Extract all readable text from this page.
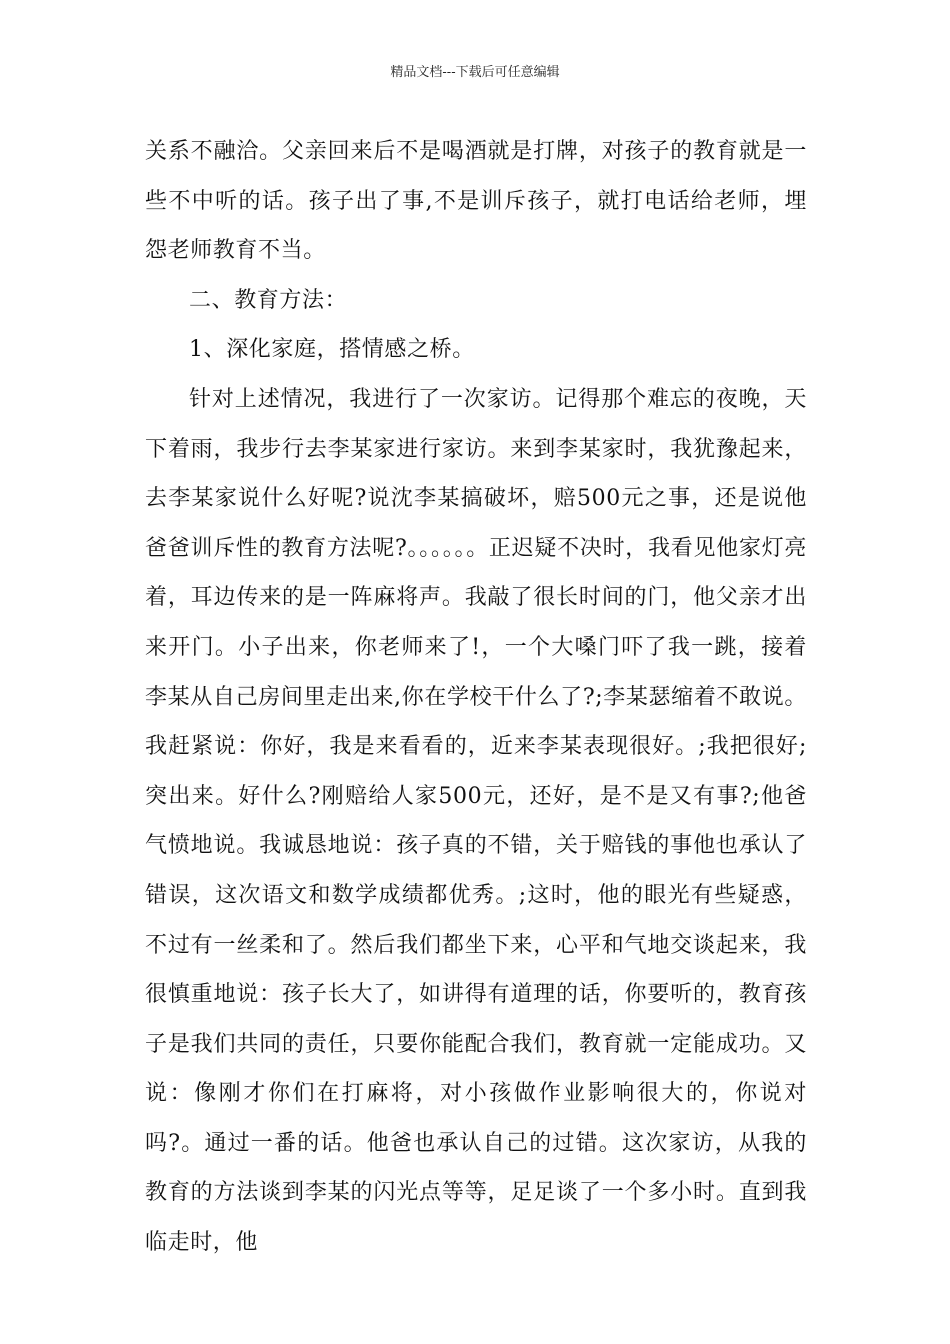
精品文档---下载后可任意编辑

关系不融洽。父亲回来后不是喝酒就是打牌，对孩子的教育就是一些不中听的话。孩子出了事,不是训斥孩子，就打电话给老师，埋怨老师教育不当。

二、教育方法：

1、深化家庭，搭情感之桥。

针对上述情况，我进行了一次家访。记得那个难忘的夜晚，天下着雨，我步行去李某家进行家访。来到李某家时，我犹豫起来，去李某家说什么好呢?说沈李某搞破坏，赔500元之事，还是说他爸爸训斥性的教育方法呢?。。。。。。正迟疑不决时，我看见他家灯亮着，耳边传来的是一阵麻将声。我敲了很长时间的门，他父亲才出来开门。小子出来，你老师来了!，一个大嗓门吓了我一跳，接着李某从自己房间里走出来,你在学校干什么了?;李某瑟缩着不敢说。我赶紧说：你好，我是来看看的，近来李某表现很好。;我把很好;突出来。好什么?刚赔给人家500元，还好，是不是又有事?;他爸气愤地说。我诚恳地说：孩子真的不错，关于赔钱的事他也承认了错误，这次语文和数学成绩都优秀。;这时，他的眼光有些疑惑，不过有一丝柔和了。然后我们都坐下来，心平和气地交谈起来，我很慎重地说：孩子长大了，如讲得有道理的话，你要听的，教育孩子是我们共同的责任，只要你能配合我们，教育就一定能成功。又说：像刚才你们在打麻将，对小孩做作业影响很大的，你说对吗?。通过一番的话。他爸也承认自己的过错。这次家访，从我的教育的方法谈到李某的闪光点等等，足足谈了一个多小时。直到我临走时，他
